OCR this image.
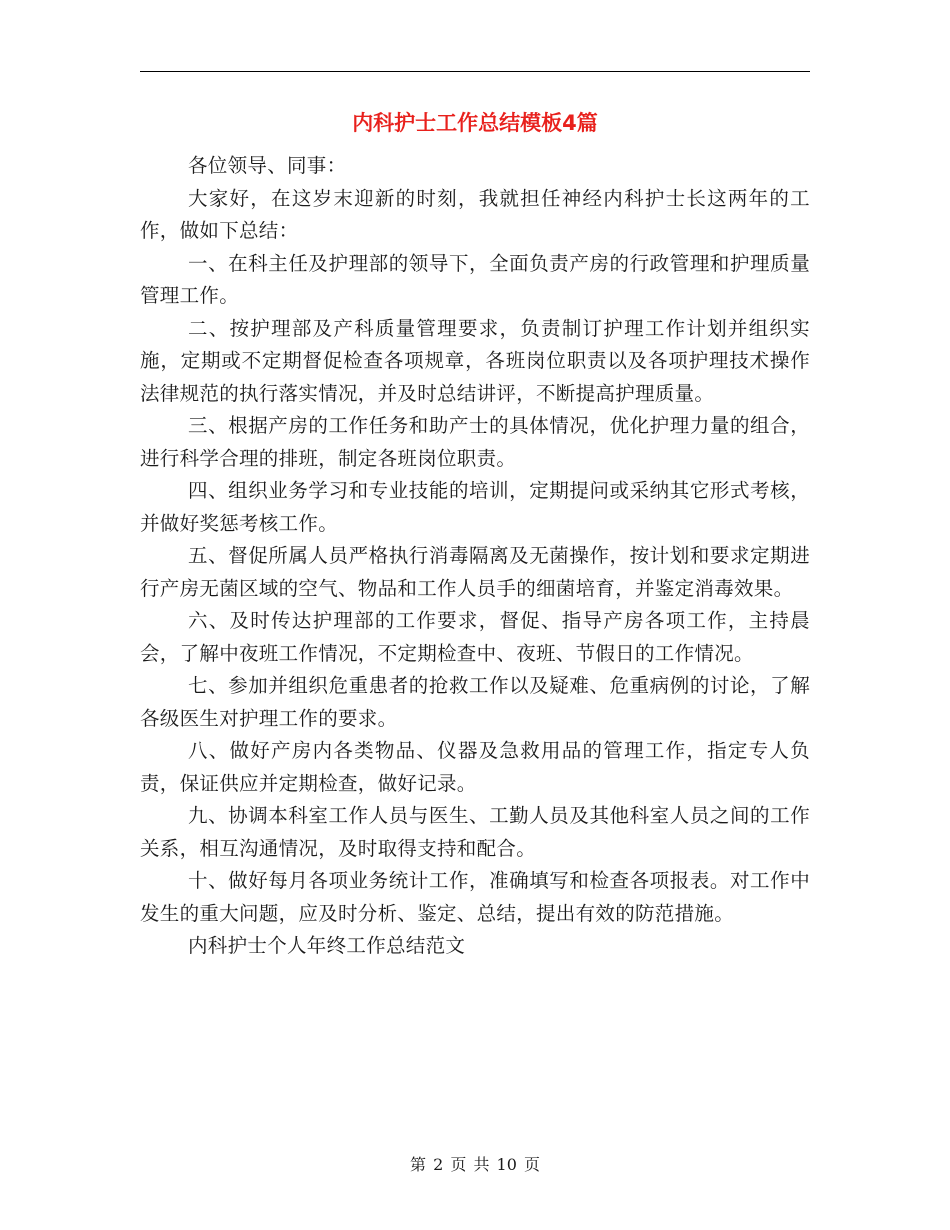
内科护士工作总结模板4篇

各位领导、同事：

大家好，在这岁末迎新的时刻，我就担任神经内科护士长这两年的工作，做如下总结：

一、在科主任及护理部的领导下，全面负责产房的行政管理和护理质量管理工作。

二、按护理部及产科质量管理要求，负责制订护理工作计划并组织实施，定期或不定期督促检查各项规章，各班岗位职责以及各项护理技术操作法律规范的执行落实情况，并及时总结讲评，不断提高护理质量。

三、根据产房的工作任务和助产士的具体情况，优化护理力量的组合，进行科学合理的排班，制定各班岗位职责。

四、组织业务学习和专业技能的培训，定期提问或采纳其它形式考核，并做好奖惩考核工作。

五、督促所属人员严格执行消毒隔离及无菌操作，按计划和要求定期进行产房无菌区域的空气、物品和工作人员手的细菌培育，并鉴定消毒效果。

六、及时传达护理部的工作要求，督促、指导产房各项工作，主持晨会，了解中夜班工作情况，不定期检查中、夜班、节假日的工作情况。

七、参加并组织危重患者的抢救工作以及疑难、危重病例的讨论，了解各级医生对护理工作的要求。

八、做好产房内各类物品、仪器及急救用品的管理工作，指定专人负责，保证供应并定期检查，做好记录。

九、协调本科室工作人员与医生、工勤人员及其他科室人员之间的工作关系，相互沟通情况，及时取得支持和配合。

十、做好每月各项业务统计工作，准确填写和检查各项报表。对工作中发生的重大问题，应及时分析、鉴定、总结，提出有效的防范措施。

内科护士个人年终工作总结范文

第 2 页 共 10 页
